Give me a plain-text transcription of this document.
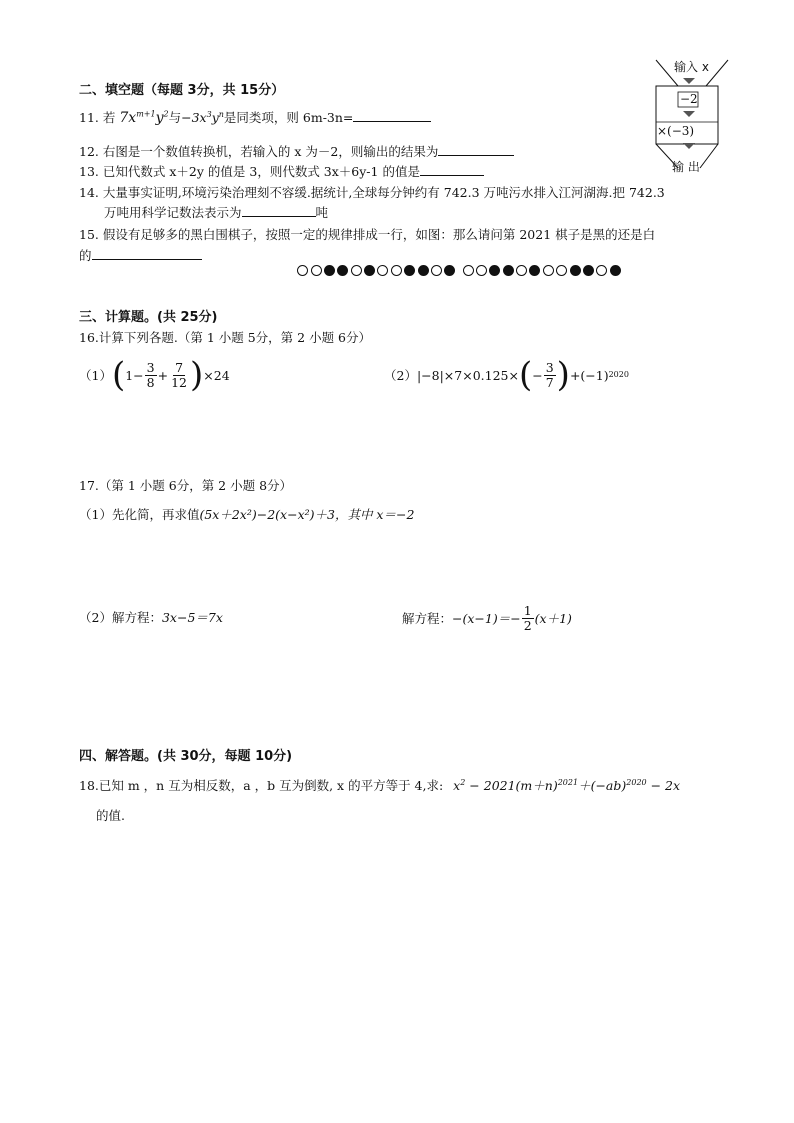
二、填空题（每题 3分，共 15分）
11. 若 $7x^{m+1}y^2$与$-3x^3y^n$是同类项，则 6m-3n=
12. 右图是一个数值转换机，若输入的 x 为－2，则输出的结果为
13. 已知代数式 x＋2y 的值是 3，则代数式 3x＋6y-1 的值是
14. 大量事实证明,环境污染治理刻不容缓.据统计,全球每分钟约有 742.3 万吨污水排入江河湖海.把 742.3
万吨用科学记数法表示为	吨
15. 假设有足够多的黑白围棋子，按照一定的规律排成一行，如图：那么请问第 2021 棋子是黑的还是白
的
输入 x
−2
×(−3)
输 出
三、计算题。(共 25分)
16.计算下列各题.（第 1 小题 5分，第 2 小题 6分）
（1） ( $1- \frac{3}{8} + \frac{7}{12}$ ) ×24	（2） |−8|×7×0.125× ( − $\frac{3}{7}$ ) +(−1) 2020
17.（第 1 小题 6分，第 2 小题 8分）
（1）先化简，再求值(5x＋2x²)−2(x−x²)＋3，其中 x＝−2
（2）解方程：3x−5＝7x	解方程： $-(x-1)=- \frac{1}{2} (x+1)$
四、解答题。(共 30分，每题 10分)
18.已知 m ，n 互为相反数，a ，b 互为倒数, x 的平方等于 4,求: $x^2 - 2021(m+n)^{2021}+(-ab)^{2020} - 2x$
的值.
